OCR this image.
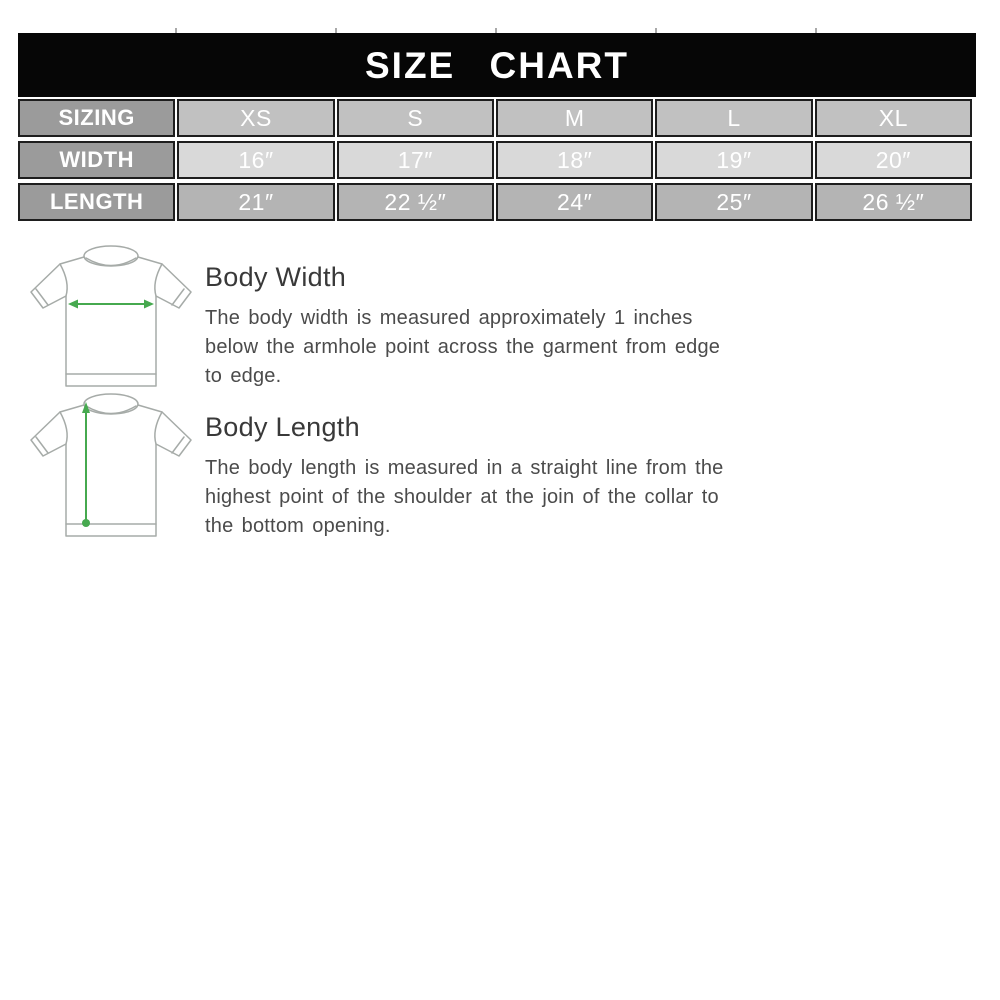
SIZE CHART
SIZING	XS	S	M	L	XL
WIDTH	16″	17″	18″	19″	20″
LENGTH	21″	22 ½″	24″	25″	26 ½″
Body Width
The body width is measured approximately 1 inches
below the armhole point across the garment from edge
to edge.
Body Length
The body length is measured in a straight line from the
highest point of the shoulder at the join of the collar to
the bottom opening.
